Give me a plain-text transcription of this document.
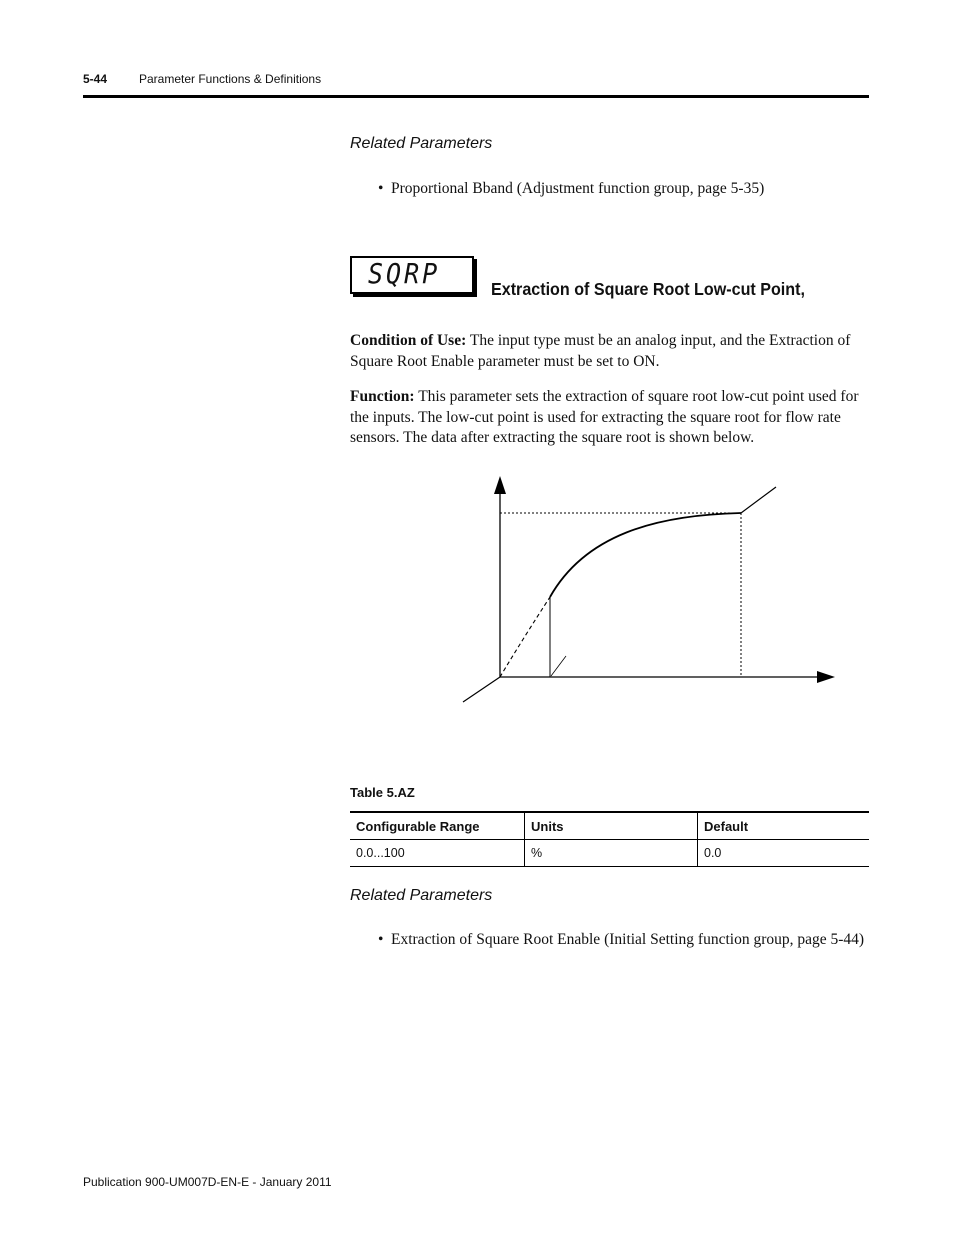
5-44	Parameter Functions & Definitions
Related Parameters
• Proportional Bband (Adjustment function group, page 5-35)
SQRP	Extraction of Square Root Low-cut Point,
Condition of Use: The input type must be an analog input, and the Extraction of Square Root Enable parameter must be set to ON.
Function: This parameter sets the extraction of square root low-cut point used for the inputs. The low-cut point is used for extracting the square root for flow rate sensors. The data after extracting the square root is shown below.
Table 5.AZ
Configurable Range	Units	Default
0.0...100	%	0.0
Related Parameters
• Extraction of Square Root Enable (Initial Setting function group, page 5-44)
Publication 900-UM007D-EN-E - January 2011
